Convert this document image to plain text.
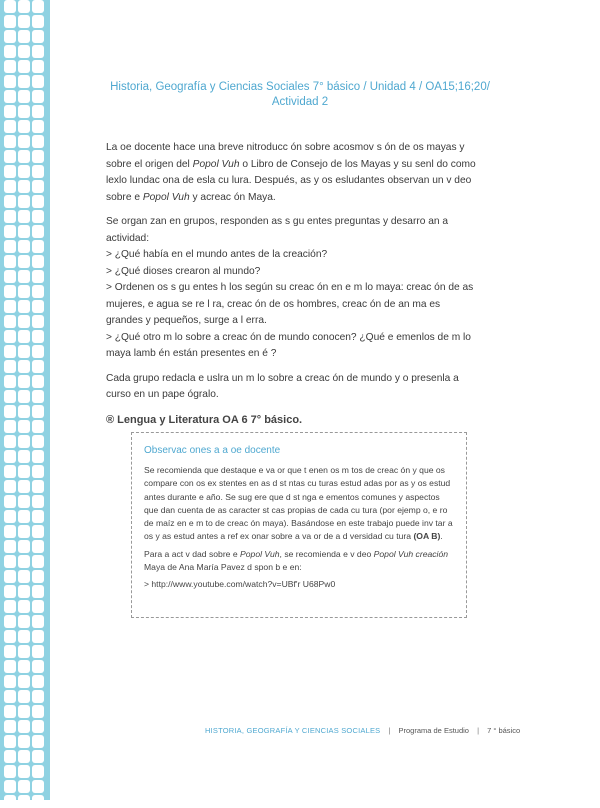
Historia, Geografía y Ciencias Sociales 7° básico / Unidad 4 / OA15;16;20/
Actividad 2

La oe docente hace una breve nitroducc ón sobre acosmov s ón de os mayas y sobre el origen del Popol Vuh o Libro de Consejo de los Mayas y su senl do como lexlo lundac ona de esla cu lura. Después, as y os esludantes observan un v deo sobre e Popol Vuh y acreac ón Maya.

Se organ zan en grupos, responden as s gu entes preguntas y desarro an a actividad:

> ¿Qué había en el mundo antes de la creación?

> ¿Qué dioses crearon al mundo?

> Ordenen os s gu entes h los según su creac ón en e m lo maya: creac ón de as mujeres, e agua se re l ra, creac ón de os hombres, creac ón de an ma es grandes y pequeños, surge a l erra.

> ¿Qué otro m lo sobre a creac ón de mundo conocen? ¿Qué e emenlos de m lo maya lamb én están presentes en é ?

Cada grupo redacla e uslra un m lo sobre a creac ón de mundo y o presenla a curso en un pape ógralo.

® Lengua y Literatura OA 6 7° básico.
Observac ones a a oe docente

Se recomienda que destaque e va or que t enen os m tos de creac ón y que os compare con os ex stentes en as d st ntas cu turas estud adas por as y os estud antes durante e año. Se sug ere que d st nga e ementos comunes y aspectos que dan cuenta de as caracter st cas propias de cada cu tura (por ejemp o, e ro de maíz en e m to de creac ón maya). Basándose en este trabajo puede inv tar a os y as estud antes a ref ex onar sobre a va or de a d versidad cu tura (OA B).

Para a act v dad sobre e Popol Vuh, se recomienda e v deo Popol Vuh creación Maya de Ana María Pavez d spon b e en:

> http://www.youtube.com/watch?v=UBf'r U68Pw0

HISTORIA, GEOGRAFÍA Y CIENCIAS SOCIALES | Programa de Estudio | 7 ° básico
